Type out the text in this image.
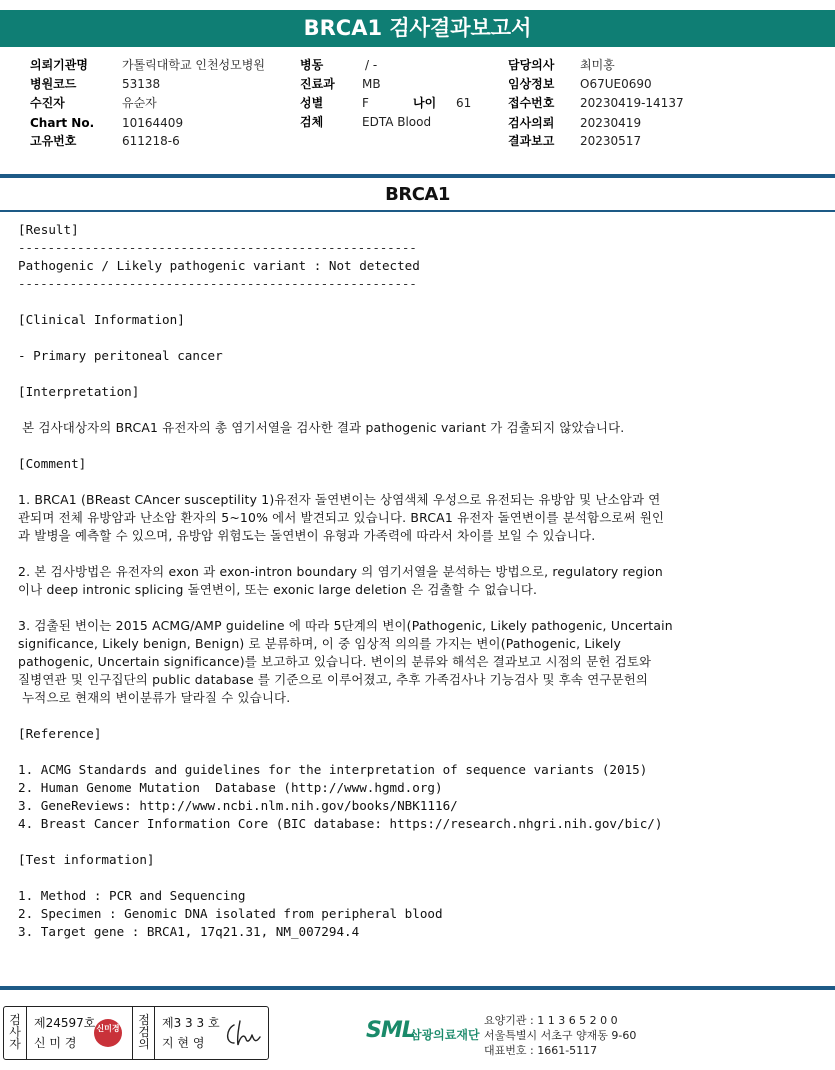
BRCA1 검사결과보고서
의뢰기관명	가톨릭대학교 인천성모병원
병원코드	53138
수진자	유순자
Chart No. 10164409
고유번호	611218-6
병동	/ -
진료과 MB
성별	F	나이 61
검체	EDTA Blood
담당의사 최미홍
임상정보 O67UE0690
접수번호 20230419-14137
검사의뢰 20230419
결과보고 20230517
BRCA1
[Result]
------------------------------------------------------
Pathogenic / Likely pathogenic variant : Not detected
------------------------------------------------------
[Clinical Information]
- Primary peritoneal cancer
[Interpretation]
본 검사대상자의 BRCA1 유전자의 총 염기서열을 검사한 결과 pathogenic variant 가 검출되지 않았습니다.
[Comment]
1. BRCA1 (BReast CAncer susceptility 1)유전자 돌연변이는 상염색체 우성으로 유전되는 유방암 및 난소암과 연
관되며 전체 유방암과 난소암 환자의 5~10% 에서 발견되고 있습니다. BRCA1 유전자 돌연변이를 분석함으로써 원인
과 발병을 예측할 수 있으며, 유방암 위험도는 돌연변이 유형과 가족력에 따라서 차이를 보일 수 있습니다.
2. 본 검사방법은 유전자의 exon 과 exon-intron boundary 의 염기서열을 분석하는 방법으로, regulatory region
이나 deep intronic splicing 돌연변이, 또는 exonic large deletion 은 검출할 수 없습니다.
3. 검출된 변이는 2015 ACMG/AMP guideline 에 따라 5단계의 변이(Pathogenic, Likely pathogenic, Uncertain
significance, Likely benign, Benign) 로 분류하며, 이 중 임상적 의의를 가지는 변이(Pathogenic, Likely
pathogenic, Uncertain significance)를 보고하고 있습니다. 변이의 분류와 해석은 결과보고 시점의 문헌 검토와
질병연관 및 인구집단의 public database 를 기준으로 이루어졌고, 추후 가족검사나 기능검사 및 후속 연구문헌의
누적으로 현재의 변이분류가 달라질 수 있습니다.
[Reference]
1. ACMG Standards and guidelines for the interpretation of sequence variants (2015)
2. Human Genome Mutation  Database (http://www.hgmd.org)
3. GeneReviews: http://www.ncbi.nlm.nih.gov/books/NBK1116/
4. Breast Cancer Information Core (BIC database: https://research.nhgri.nih.gov/bic/)
[Test information]
1. Method : PCR and Sequencing
2. Specimen : Genomic DNA isolated from peripheral blood
3. Target gene : BRCA1, 17q21.31, NM_007294.4
검
사
자
제24597호
신 미 경
신미경
점
검
의
제3 3 3 호
지 현 영	SML
삼광의료재단
요양기관 : 1 1 3 6 5 2 0 0
서울특별시 서초구 양재동 9-60
대표번호 : 1661-5117
